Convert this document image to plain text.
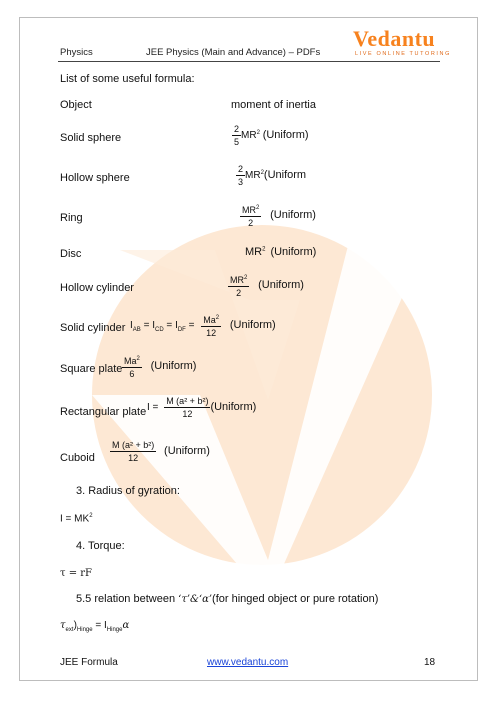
Physics	JEE Physics (Main and Advance) – PDFs
Vedantu
LIVE ONLINE TUTORING
List of some useful formula:
Object	moment of inertia
Solid sphere	$\frac{2}{5} MR^2$ (Uniform)
Hollow sphere	$\frac{2}{3}$ $MR^2(Uniform$
Ring	$\frac{MR^2}{2}$ (Uniform)
Disc	$MR^2$ (Uniform)
Hollow cylinder	$\frac{MR^2}{2}$ (Uniform)
Solid cylinder $I_{AB} = I_{CD} = I_{DF} = \frac{Ma^2}{12}$ (Uniform)
Square plate $\frac{Ma^2}{6}$ (Uniform)
Rectangular plate $I = \frac{\text{M (a² + b²)}}{12}$ (Uniform)
Cuboid $\frac{\text{M (a² + b²)}}{12}$ (Uniform)
3. Radius of gyration:
$I = MK^2$
4. Torque:
τ = rF
5.5 relation between ‘τ’&‘α’(for hinged object or pure rotation)
$\tau_{ext})_{Hinge} = I_{Hinge}\alpha$
JEE Formula	www.vedantu.com	18
